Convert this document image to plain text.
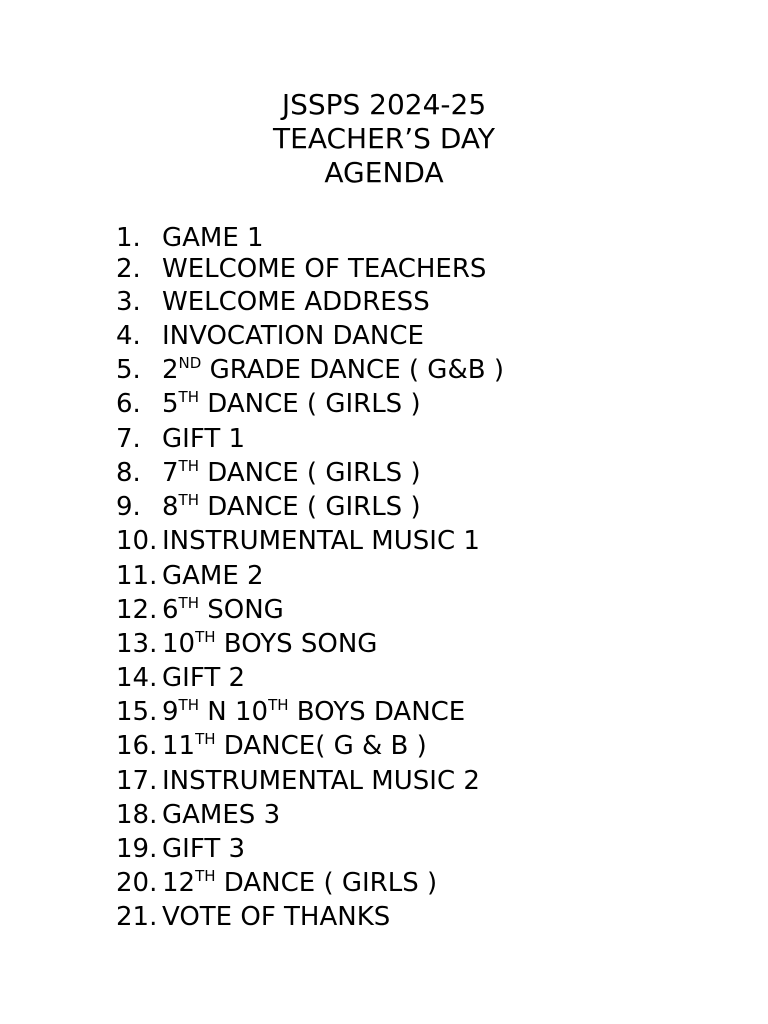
JSSPS 2024-25
TEACHER’S DAY
AGENDA
1. GAME 1
2. WELCOME OF TEACHERS
3. WELCOME ADDRESS
4. INVOCATION DANCE
5. 2ND GRADE DANCE ( G&B )
6. 5TH DANCE ( GIRLS )
7. GIFT 1
8. 7TH DANCE ( GIRLS )
9. 8TH DANCE ( GIRLS )
10. INSTRUMENTAL MUSIC 1
11. GAME 2
12. 6TH SONG
13. 10TH BOYS SONG
14. GIFT 2
15. 9TH N 10TH BOYS DANCE
16. 11TH DANCE( G & B )
17. INSTRUMENTAL MUSIC 2
18. GAMES 3
19. GIFT 3
20. 12TH DANCE ( GIRLS )
21. VOTE OF THANKS
